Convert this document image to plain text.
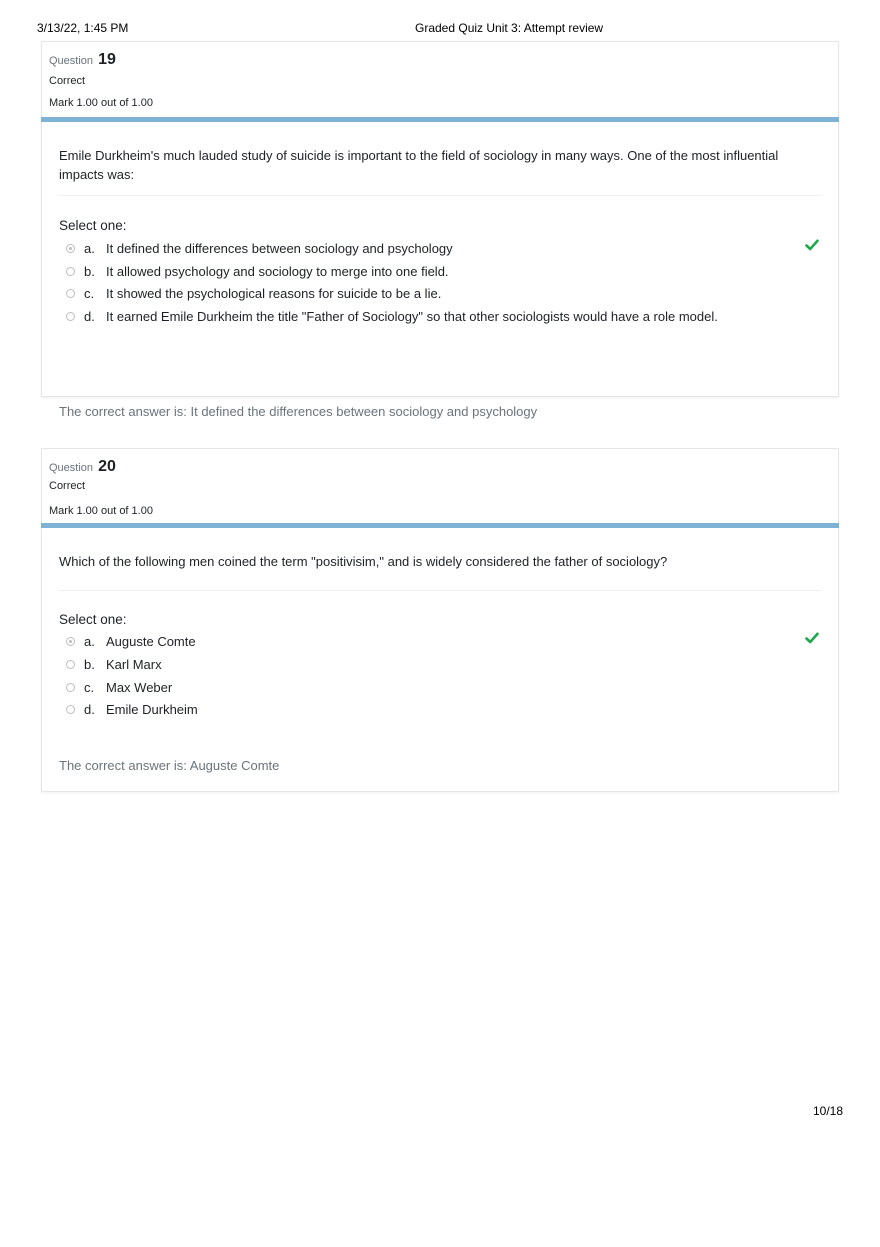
3/13/22, 1:45 PM	Graded Quiz Unit 3: Attempt review
Question 19
Correct
Mark 1.00 out of 1.00
Emile Durkheim's much lauded study of suicide is important to the field of sociology in many ways. One of the most influential impacts was:
Select one:
a. It defined the differences between sociology and psychology
b. It allowed psychology and sociology to merge into one field.
c. It showed the psychological reasons for suicide to be a lie.
d. It earned Emile Durkheim the title "Father of Sociology" so that other sociologists would have a role model.
The correct answer is: It defined the differences between sociology and psychology
Question 20
Correct
Mark 1.00 out of 1.00
Which of the following men coined the term "positivisim," and is widely considered the father of sociology?
Select one:
a. Auguste Comte
b. Karl Marx
c. Max Weber
d. Emile Durkheim
The correct answer is: Auguste Comte
10/18
